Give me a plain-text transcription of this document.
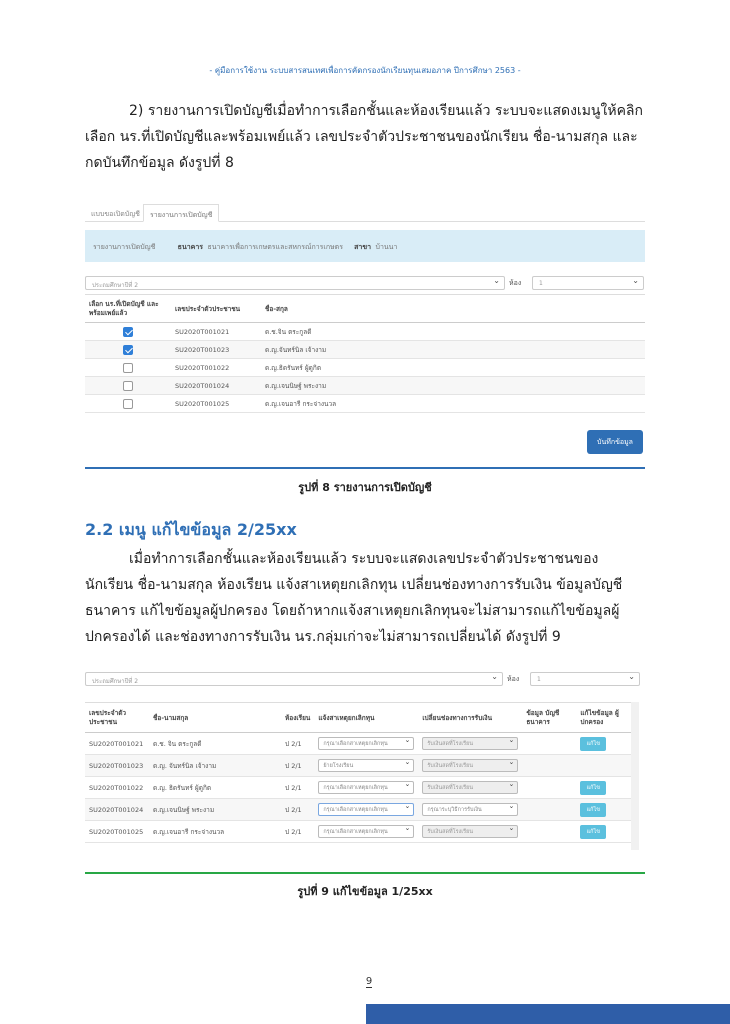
- คู่มือการใช้งาน ระบบสารสนเทศเพื่อการคัดกรองนักเรียนทุนเสมอภาค ปีการศึกษา 2563 -
2) รายงานการเปิดบัญชีเมื่อทำการเลือกชั้นและห้องเรียนแล้ว ระบบจะแสดงเมนูให้คลิกเลือก นร.ที่เปิดบัญชีและพร้อมเพย์แล้ว เลขประจำตัวประชาชนของนักเรียน ชื่อ-นามสกุล และกดบันทึกข้อมูล ดังรูปที่ 8
แบบขอเปิดบัญชี	รายงานการเปิดบัญชี
รายงานการเปิดบัญชี	ธนาคาร ธนาคารเพื่อการเกษตรและสหกรณ์การเกษตร สาขา บ้านนา
ประถมศึกษาปีที่ 2 ⌄	ห้อง	1 ⌄
เลือก นร.ที่เปิดบัญชี และพร้อมเพย์แล้ว	เลขประจำตัวประชาชน	ชื่อ-สกุล
	SU2020T001021	ด.ช.จิน ตระกูลดี
	SU2020T001023	ด.ญ.จันทร์นิล เจ้างาม
	SU2020T001022	ด.ญ.ธิดรันทร์ ผู้ดูกิต
	SU2020T001024	ด.ญ.เจนนิษฐ์ พระงาม
	SU2020T001025	ด.ญ.เจนอารี กระจ่างนวล
บันทึกข้อมูล
รูปที่ 8 รายงานการเปิดบัญชี
2.2 เมนู แก้ไขข้อมูล 2/25xx
เมื่อทำการเลือกชั้นและห้องเรียนแล้ว ระบบจะแสดงเลขประจำตัวประชาชนของนักเรียน ชื่อ-นามสกุล ห้องเรียน แจ้งสาเหตุยกเลิกทุน เปลี่ยนช่องทางการรับเงิน ข้อมูลบัญชีธนาคาร แก้ไขข้อมูลผู้ปกครอง โดยถ้าหากแจ้งสาเหตุยกเลิกทุนจะไม่สามารถแก้ไขข้อมูลผู้ปกครองได้ และช่องทางการรับเงิน นร.กลุ่มเก่าจะไม่สามารถเปลี่ยนได้ ดังรูปที่ 9
ประถมศึกษาปีที่ 2 ⌄	ห้อง	1 ⌄
เลขประจำตัว ประชาชน	ชื่อ-นามสกุล	ห้องเรียน	แจ้งสาเหตุยกเลิกทุน	เปลี่ยนช่องทางการรับเงิน	ข้อมูล บัญชีธนาคาร	แก้ไขข้อมูล ผู้ปกครอง
SU2020T001021	ด.ช. จิน ตระกูลดี	ป 2/1	กรุณาเลือกสาเหตุยกเลิกทุน ⌄	รับเงินสดที่โรงเรียน ⌄		แก้ไข
SU2020T001023	ด.ญ. จันทร์นิล เจ้างาม	ป 2/1	ย้ายโรงเรียน ⌄	รับเงินสดที่โรงเรียน ⌄		
SU2020T001022	ด.ญ. ธิดรันทร์ ผู้ดูกิต	ป 2/1	กรุณาเลือกสาเหตุยกเลิกทุน ⌄	รับเงินสดที่โรงเรียน ⌄		แก้ไข
SU2020T001024	ด.ญ.เจนนิษฐ์ พระงาม	ป 2/1	กรุณาเลือกสาเหตุยกเลิกทุน ⌄	กรุณาระบุวิธีการรับเงิน ⌄		แก้ไข
SU2020T001025	ด.ญ.เจนอารี กระจ่างนวล	ป 2/1	กรุณาเลือกสาเหตุยกเลิกทุน ⌄	รับเงินสดที่โรงเรียน ⌄		แก้ไข
รูปที่ 9 แก้ไขข้อมูล 1/25xx
9
